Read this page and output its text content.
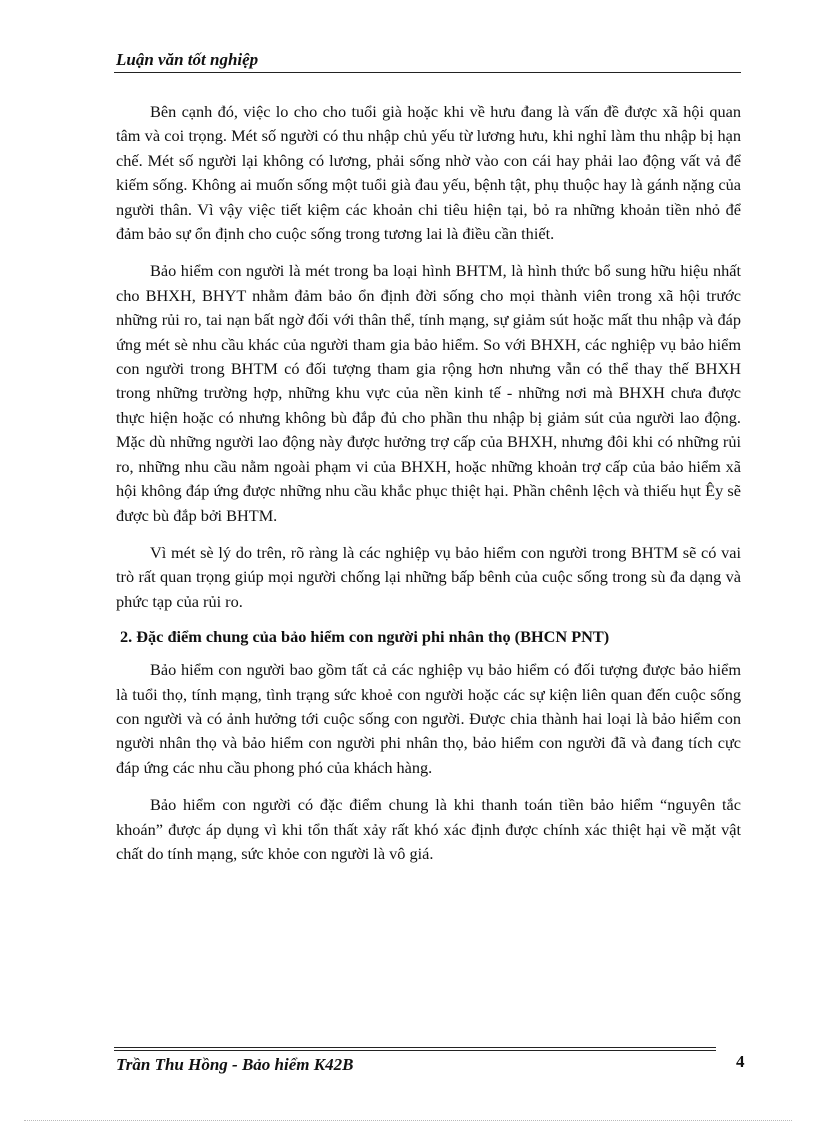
Luận văn tốt nghiệp

Bên cạnh đó, việc lo cho cho tuổi già hoặc khi về hưu đang là vấn đề được xã hội quan tâm và coi trọng. Mét số người có thu nhập chủ yếu từ lương hưu, khi nghỉ làm thu nhập bị hạn chế. Mét số người lại không có lương, phải sống nhờ vào con cái hay phải lao động vất vả để kiếm sống. Không ai muốn sống một tuổi già đau yếu, bệnh tật, phụ thuộc hay là gánh nặng của người thân. Vì vậy việc tiết kiệm các khoản chi tiêu hiện tại, bỏ ra những khoản tiền nhỏ để đảm bảo sự ổn định cho cuộc sống trong tương lai là điều cần thiết.

Bảo hiểm con người là mét trong ba loại hình BHTM, là hình thức bổ sung hữu hiệu nhất cho BHXH, BHYT nhằm đảm bảo ổn định đời sống cho mọi thành viên trong xã hội trước những rủi ro, tai nạn bất ngờ đối với thân thể, tính mạng, sự giảm sút hoặc mất thu nhập và đáp ứng mét sè nhu cầu khác của người tham gia bảo hiểm. So với BHXH, các nghiệp vụ bảo hiểm con người trong BHTM có đối tượng tham gia rộng hơn nhưng vẫn có thể thay thế BHXH trong những trường hợp, những khu vực của nền kinh tế - những nơi mà BHXH chưa được thực hiện hoặc có nhưng không bù đắp đủ cho phần thu nhập bị giảm sút của người lao động. Mặc dù những người lao động này được hưởng trợ cấp của BHXH, nhưng đôi khi có những rủi ro, những nhu cầu nằm ngoài phạm vi của BHXH, hoặc những khoản trợ cấp của bảo hiểm xã hội không đáp ứng được những nhu cầu khắc phục thiệt hại. Phần chênh lệch và thiếu hụt Êy sẽ được bù đắp bởi BHTM.

Vì mét sè lý do trên, rõ ràng là các nghiệp vụ bảo hiểm con người trong BHTM sẽ có vai trò rất quan trọng giúp mọi người chống lại những bấp bênh của cuộc sống trong sù đa dạng và phức tạp của rủi ro.

2. Đặc điểm chung của bảo hiểm con người phi nhân thọ (BHCN PNT)

Bảo hiểm con người bao gồm tất cả các nghiệp vụ bảo hiểm có đối tượng được bảo hiểm là tuổi thọ, tính mạng, tình trạng sức khoẻ con người hoặc các sự kiện liên quan đến cuộc sống con người và có ảnh hưởng tới cuộc sống con người. Được chia thành hai loại là bảo hiểm con người nhân thọ và bảo hiểm con người phi nhân thọ, bảo hiểm con người đã và đang tích cực đáp ứng các nhu cầu phong phó của khách hàng.

Bảo hiểm con người có đặc điểm chung là khi thanh toán tiền bảo hiểm “nguyên tắc khoán” được áp dụng vì khi tổn thất xảy rất khó xác định được chính xác thiệt hại về mặt vật chất do tính mạng, sức khỏe con người là vô giá.

Trần Thu Hồng - Bảo hiểm K42B	4
